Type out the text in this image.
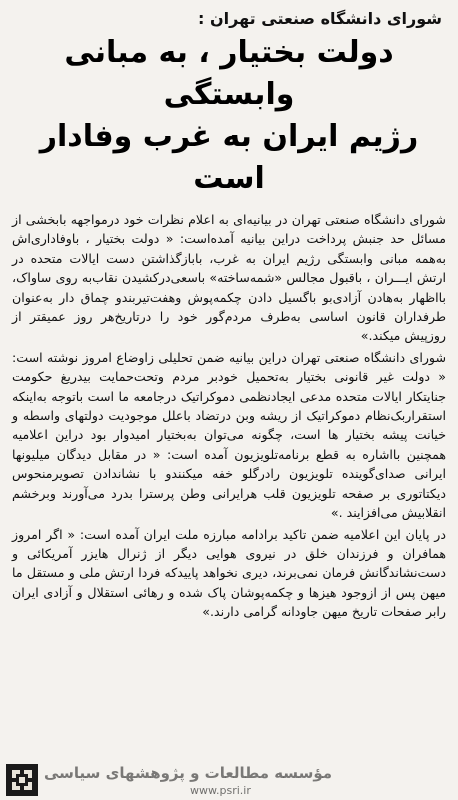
شورای دانشگاه صنعتی تهران :
دولت بختیار ، به مبانی وابستگی
رژیم ایران به غرب وفادار است

شورای دانشگاه صنعتی تهران در بیانیه‌ای به اعلام نظرات خود درمواجهه بابخشی از مسائل حد جنبش پرداخت دراین بیانیه آمده‌است: « دولت بختیار ، باوفاداری‌اش به‌همه مبانی وابستگی رژیم ایران به غرب، بابازگذاشتن دست ایالات متحده در ارتش ایـــران ، باقبول مجالس «شمه‌ساخته» باسعی‌درکشیدن نقاب‌به روی ساواک، بااظهار به‌هادن آزادی‌بو باگسیل دادن چکمه‌پوش وهفت‌تیربندو چماق دار به‌عنوان طرفداران قانون اساسی به‌طرف مردم‌گور خود را درتاریخ‌هر روز عمیقتر از روزپیش میکند.»

شورای دانشگاه صنعتی تهران دراین بیانیه ضمن تحلیلی زاوضاع امروز نوشته است: « دولت غیر قانونی بختیار به‌تحمیل خودبر مردم وتحت‌حمایت بیدریغ حکومت جنایتکار ایالات متحده مدعی ایجادنظمی دموکراتیک درجامعه ما است باتوجه به‌اینکه استقراربک‌نظام دموکراتیک از ریشه وبن درتضاد باعلل موجودیت دولتهای واسطه و خیانت پیشه بختیار ها است، چگونه می‌توان به‌بختیار امیدوار بود دراین اعلامیه همچنین بااشاره به قطع برنامه‌تلویزیون آمده است: « در مقابل دیدگان میلیونها ایرانی صدای‌گوینده تلویزیون رادرگلو خفه میکنندو با نشاندادن تصویرمنحوس دیکتاتوری بر صفحه تلویزیون قلب هرایرانی وطن پرسترا بدرد می‌آورند وبرخشم انقلابیش می‌افزایند .»

در پایان این اعلامیه ضمن تاکید برادامه مبارزه ملت ایران آمده است: « اگر امروز همافران و فرزندان خلق در نیروی هوایی دیگر از ژنرال هایزر آمریکائی و دست‌نشاندگانش فرمان نمی‌برند، دیری نخواهد پایید‌که فردا ارتش ملی و مستقل ما میهن پس از ازوجود هیزها و چکمه‌پوشان پاک شده و رهائی استقلال و آزادی ایران رابر صفحات تاریخ میهن جاودانه گرامی دارند.»

مؤسسه مطالعات و پژوهشهای سیاسی
www.psri.ir
